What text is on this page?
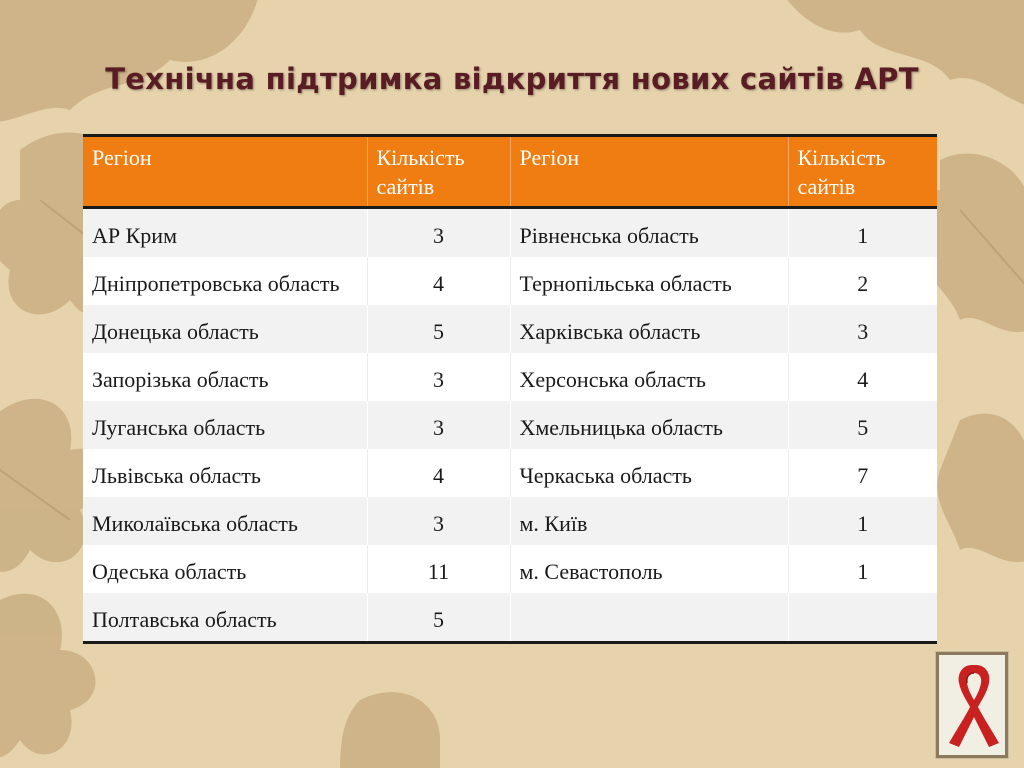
Технічна підтримка відкриття нових сайтів АРТ
Регіон	Кількість сайтів	Регіон	Кількість сайтів
АР Крим	3	Рівненська область	1
Дніпропетровська область	4	Тернопільська область	2
Донецька область	5	Харківська область	3
Запорізька область	3	Херсонська область	4
Луганська область	3	Хмельницька область	5
Львівська область	4	Черкаська область	7
Миколаївська область	3	м. Київ	1
Одеська область	11	м. Севастополь	1
Полтавська область	5		
